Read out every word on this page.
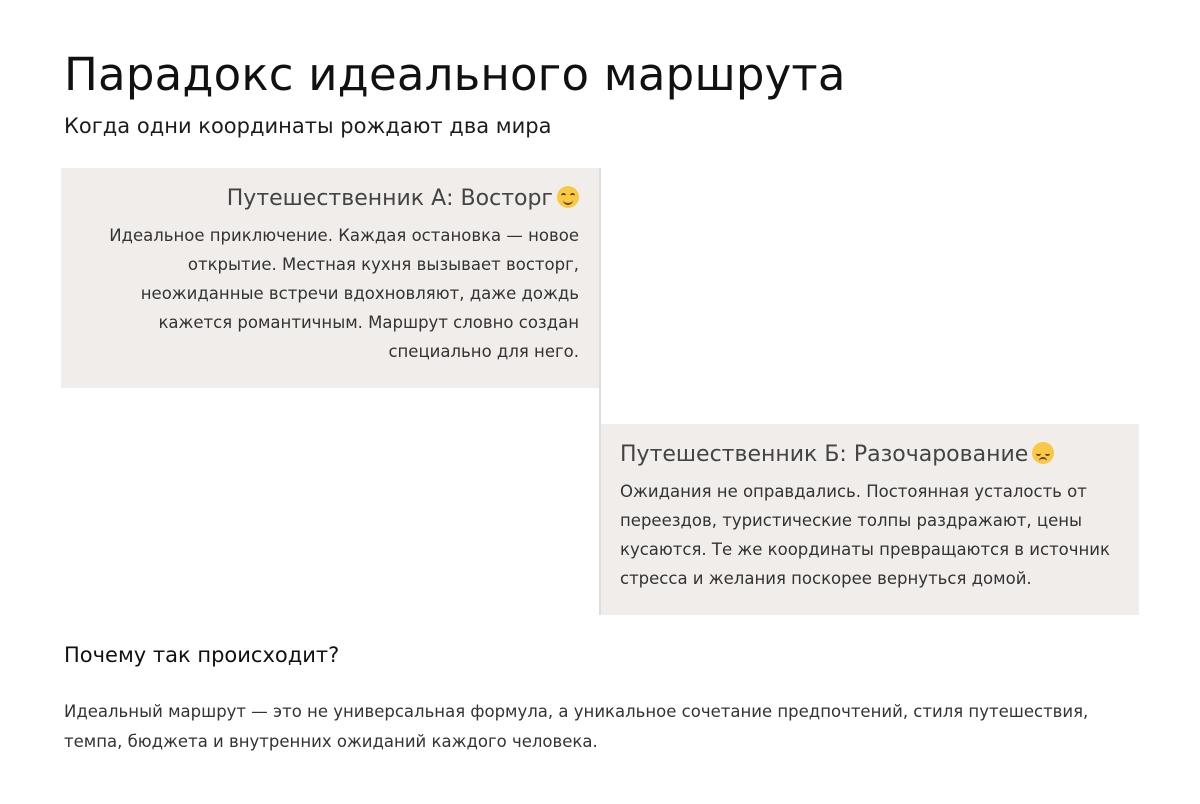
Парадокс идеального маршрута

Когда одни координаты рождают два мира

Путешественник А: Восторг

Идеальное приключение. Каждая остановка — новое открытие. Местная кухня вызывает восторг, неожиданные встречи вдохновляют, даже дождь кажется романтичным. Маршрут словно создан специально для него.

Путешественник Б: Разочарование

Ожидания не оправдались. Постоянная усталость от переездов, туристические толпы раздражают, цены кусаются. Те же координаты превращаются в источник стресса и желания поскорее вернуться домой.

Почему так происходит?

Идеальный маршрут — это не универсальная формула, а уникальное сочетание предпочтений, стиля путешествия, темпа, бюджета и внутренних ожиданий каждого человека.
